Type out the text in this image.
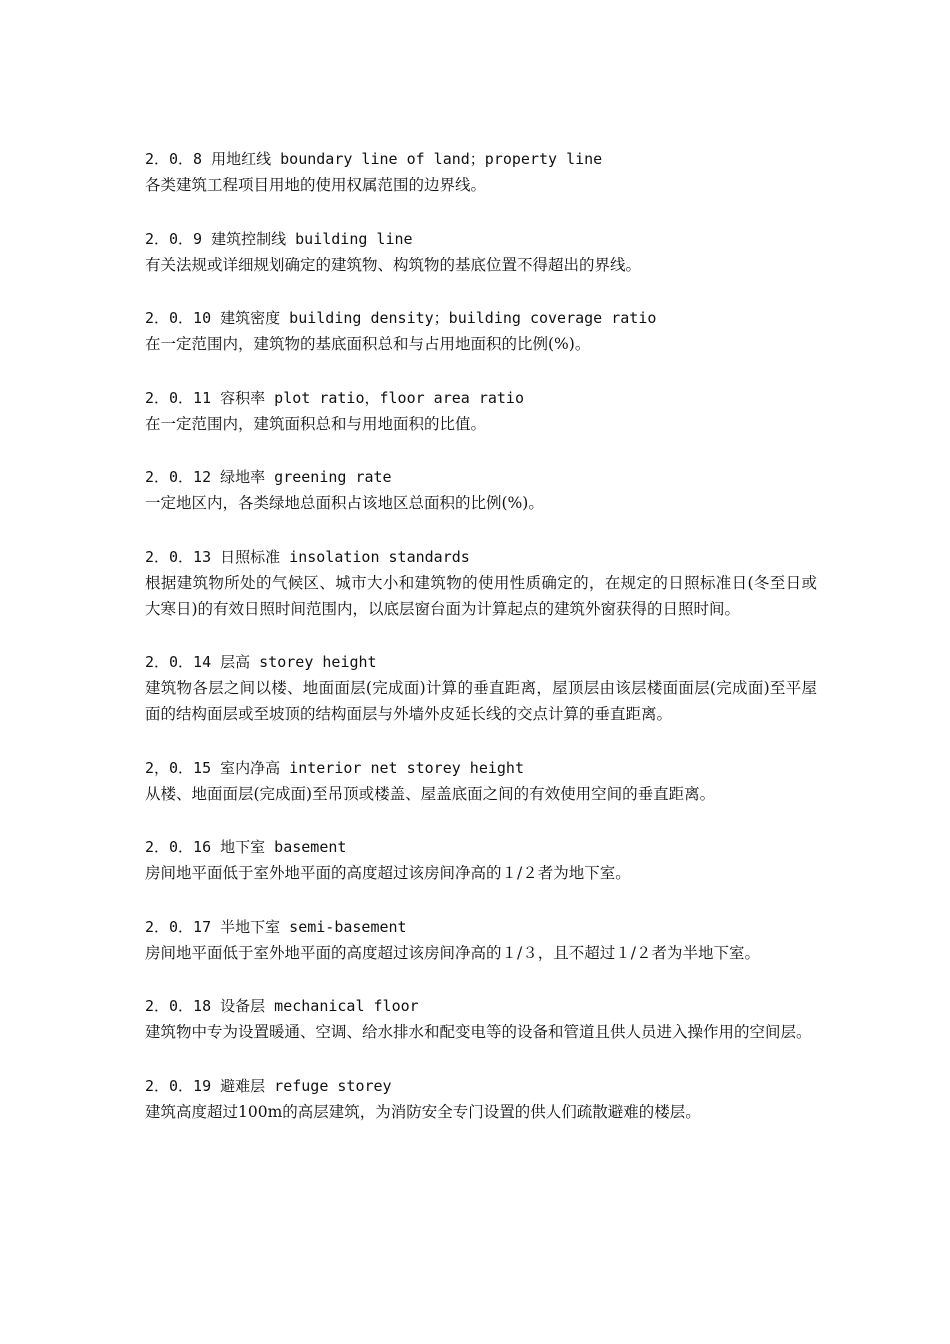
2．0．8 用地红线 boundary line of land；property line
各类建筑工程项目用地的使用权属范围的边界线。
2．0．9 建筑控制线 building line
有关法规或详细规划确定的建筑物、构筑物的基底位置不得超出的界线。
2．0．10 建筑密度 building density；building coverage ratio
在一定范围内，建筑物的基底面积总和与占用地面积的比例(%)。
2．0．11 容积率 plot ratio，floor area ratio
在一定范围内，建筑面积总和与用地面积的比值。
2．0．12 绿地率 greening rate
一定地区内，各类绿地总面积占该地区总面积的比例(%)。
2．0．13 日照标准 insolation standards
根据建筑物所处的气候区、城市大小和建筑物的使用性质确定的，在规定的日照标准日(冬至日或大寒日)的有效日照时间范围内，以底层窗台面为计算起点的建筑外窗获得的日照时间。
2．0．14 层高 storey height
建筑物各层之间以楼、地面面层(完成面)计算的垂直距离，屋顶层由该层楼面面层(完成面)至平屋面的结构面层或至坡顶的结构面层与外墙外皮延长线的交点计算的垂直距离。
2，0．15 室内净高 interior net storey height
从楼、地面面层(完成面)至吊顶或楼盖、屋盖底面之间的有效使用空间的垂直距离。
2．0．16 地下室 basement
房间地平面低于室外地平面的高度超过该房间净高的１/２者为地下室。
2．0．17 半地下室 semi-basement
房间地平面低于室外地平面的高度超过该房间净高的１/３，且不超过１/２者为半地下室。
2．0．18 设备层 mechanical floor
建筑物中专为设置暖通、空调、给水排水和配变电等的设备和管道且供人员进入操作用的空间层。
2．0．19 避难层 refuge storey
建筑高度超过100m的高层建筑，为消防安全专门设置的供人们疏散避难的楼层。
